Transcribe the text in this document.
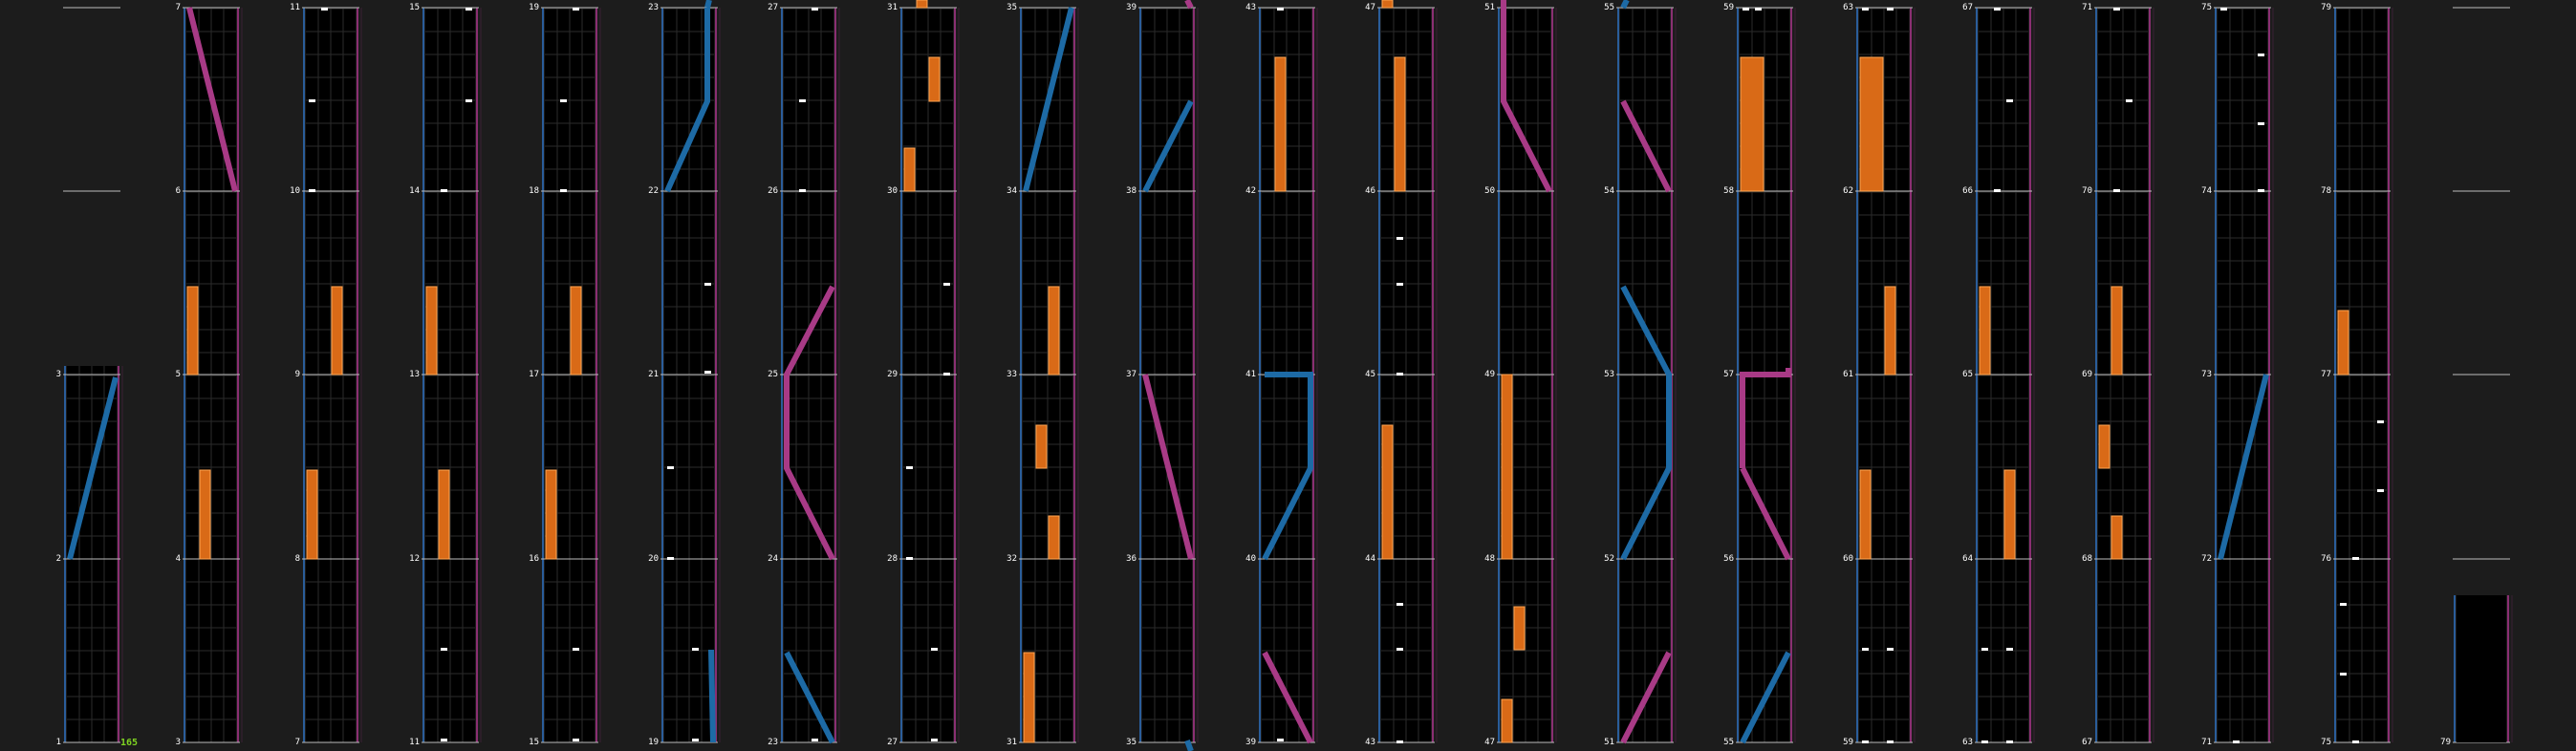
3
2
1
7
6
5
4
3
11
10
9
8
7
15
14
13
12
11
19
18
17
16
15
23
22
21
20
19
27
26
25
24
23
31
30
29
28
27
35
34
33
32
31
39
38
37
36
35
43
42
41
40
39
47
46
45
44
43
51
50
49
48
47
55
54
53
52
51
59
58
57
56
55
63
62
61
60
59
67
66
65
64
63
71
70
69
68
67
75
74
73
72
71
79
78
77
76
75	79
165
